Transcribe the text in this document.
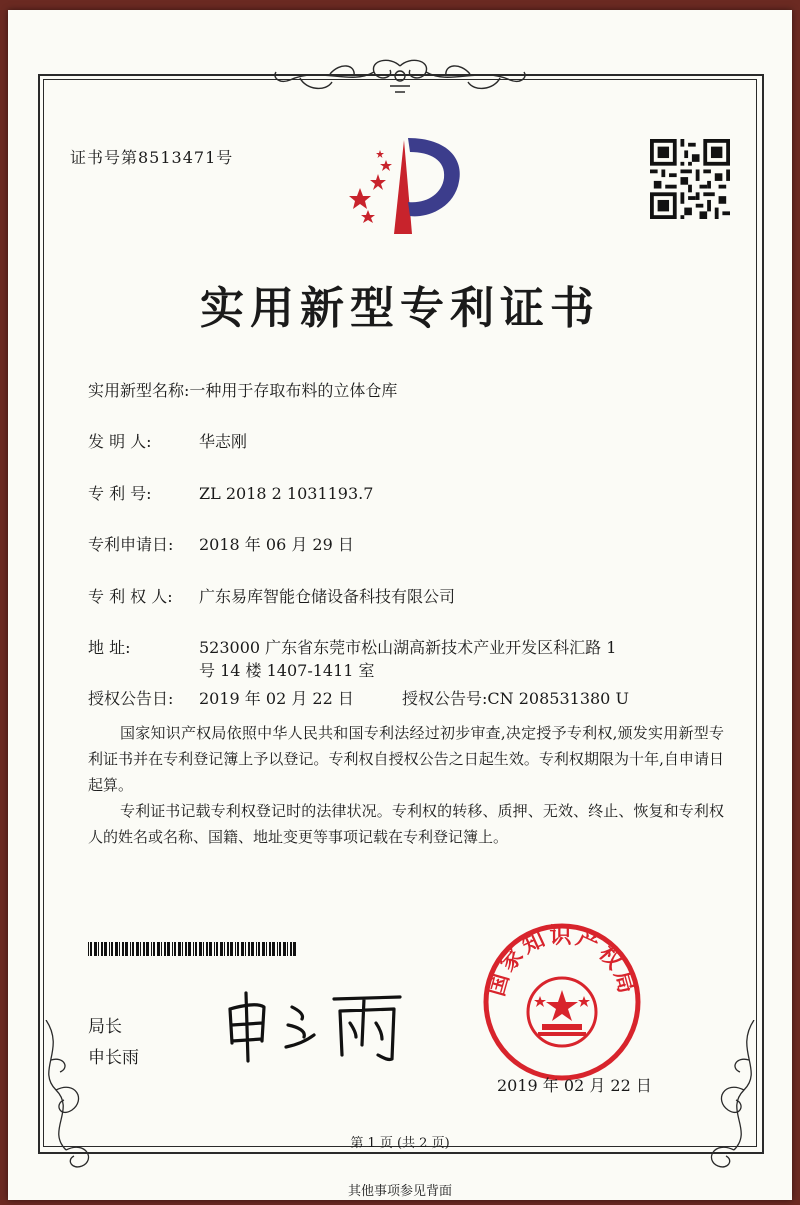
证书号第8513471号
实用新型专利证书
实用新型名称:一种用于存取布料的立体仓库
发 明 人:	华志刚
专 利 号:	ZL 2018 2 1031193.7
专利申请日: 2018 年 06 月 29 日
专 利 权 人: 广东易库智能仓储设备科技有限公司
地 址:	523000 广东省东莞市松山湖高新技术产业开发区科汇路 1
号 14 楼 1407-1411 室
授权公告日: 2019 年 02 月 22 日	授权公告号:CN 208531380 U
国家知识产权局依照中华人民共和国专利法经过初步审查,决定授予专利权,颁发实用新型专利证书并在专利登记簿上予以登记。专利权自授权公告之日起生效。专利权期限为十年,自申请日起算。
专利证书记载专利权登记时的法律状况。专利权的转移、质押、无效、终止、恢复和专利权人的姓名或名称、国籍、地址变更等事项记载在专利登记簿上。
局长
申长雨
国家知识产权局
2019 年 02 月 22 日
第 1 页 (共 2 页)
其他事项参见背面
